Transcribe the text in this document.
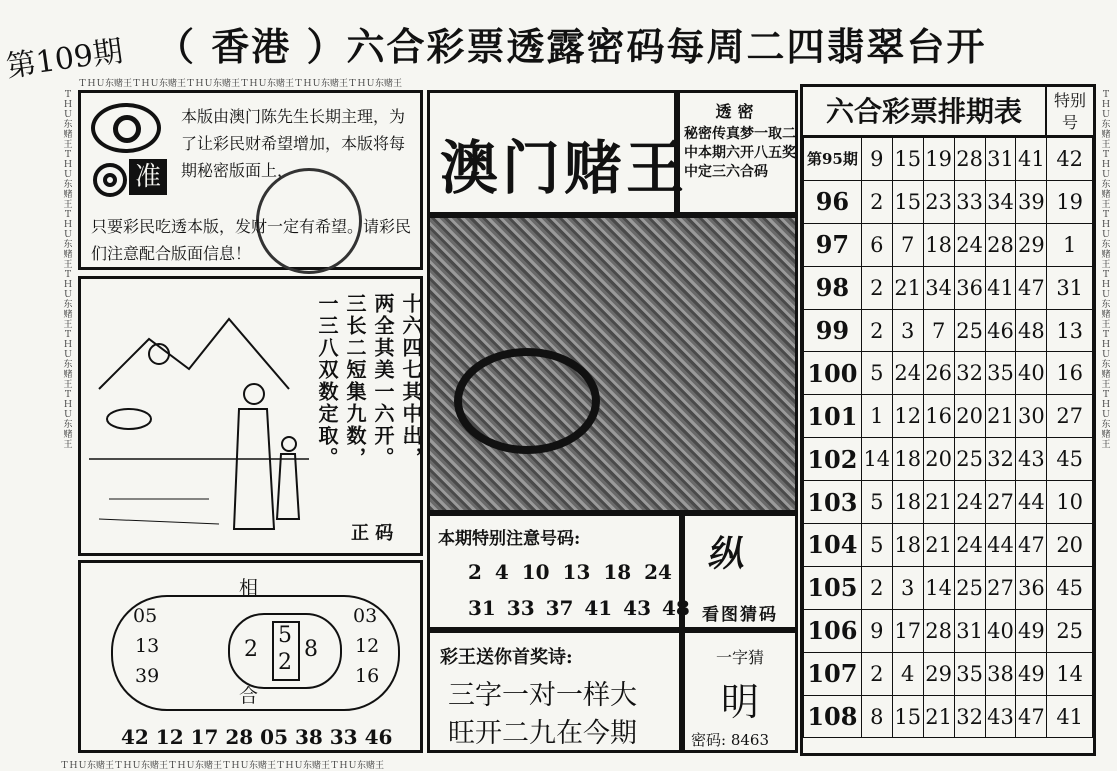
第109期 （ 香港 ）六合彩票透露密码每周二四翡翠台开
ＴＨＵ东赌王ＴＨＵ东赌王ＴＨＵ东赌王ＴＨＵ东赌王ＴＨＵ东赌王ＴＨＵ东赌王
ＴＨＵ东赌王ＴＨＵ东赌王ＴＨＵ东赌王ＴＨＵ东赌王ＴＨＵ东赌王ＴＨＵ东赌王
ＴＨＵ东赌王ＴＨＵ东赌王ＴＨＵ东赌王ＴＨＵ东赌王ＴＨＵ东赌王ＴＨＵ东赌王
ＴＨＵ东赌王ＴＨＵ东赌王ＴＨＵ东赌王ＴＨＵ东赌王ＴＨＵ东赌王ＴＨＵ东赌王
准

本版由澳门陈先生长期主理，为了让彩民财希望增加，本版将每期秘密版面上，

只要彩民吃透本版，发财一定有希望。请彩民们注意配合版面信息！

十六四七其中出，
两全其美一六开。
三长二短集九数，
一三八双数定取。
正 码
相
05
13
39
03
12
16
2
5
2
8
合
42 12 17 28 05 38 33 46
澳门赌王
透密
秘密传真梦一取二中本期六开八五奖中定三六合码
本期特别注意号码:
2 4 10 13 18 24
31 33 37 41 43 48
纵
看图猜码
彩王送你首奖诗:
三字一对一样大
旺开二九在今期
一字猜
明
密码: 8463
六合彩票排期表	特别号
第95期	9	15	19	28	31	41	42
96	2	15	23	33	34	39	19
97	6	7	18	24	28	29	1
98	2	21	34	36	41	47	31
99	2	3	7	25	46	48	13
100	5	24	26	32	35	40	16
101	1	12	16	20	21	30	27
102	14	18	20	25	32	43	45
103	5	18	21	24	27	44	10
104	5	18	21	24	44	47	20
105	2	3	14	25	27	36	45
106	9	17	28	31	40	49	25
107	2	4	29	35	38	49	14
108	8	15	21	32	43	47	41
